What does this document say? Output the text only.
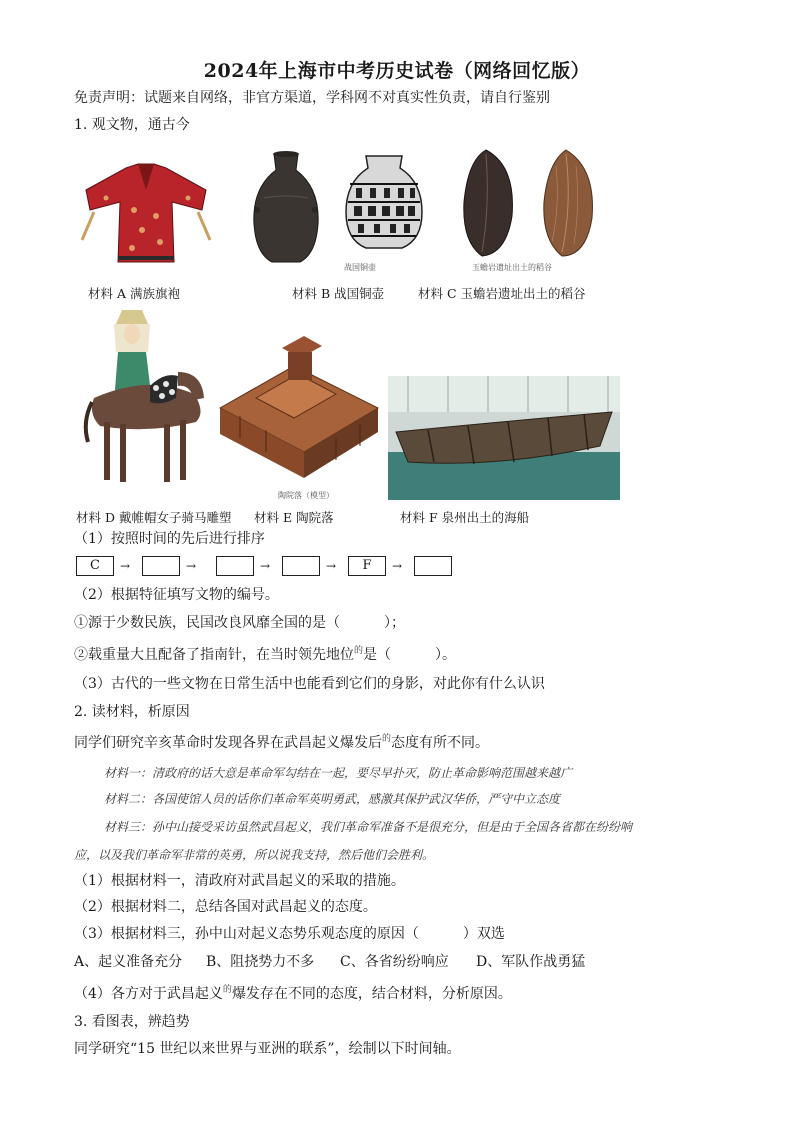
2024年上海市中考历史试卷（网络回忆版）
免责声明：试题来自网络，非官方渠道，学科网不对真实性负责，请自行鉴别
1. 观文物，通古今
材料 A 满族旗袍
战国铜壶
材料 B 战国铜壶
玉蟾岩遗址出土的稻谷
材料 C 玉蟾岩遗址出土的稻谷
材料 D 戴帷帽女子骑马雕塑
陶院落（模型）
材料 E 陶院落	材料 F 泉州出土的海船
（1）按照时间的先后进行排序
C	→	→	→	→	F	→
（2）根据特征填写文物的编号。
①源于少数民族，民国改良风靡全国的是（	）；
②载重量大且配备了指南针，在当时领先地位$^的$是（	）。
（3）古代的一些文物在日常生活中也能看到它们的身影，对此你有什么认识
2. 读材料，析原因
同学们研究辛亥革命时发现各界在武昌起义爆发后$^的$态度有所不同。
材料一：清政府的话大意是革命军勾结在一起，要尽早扑灭，防止革命影响范围越来越广
材料二：各国使馆人员的话你们革命军英明勇武，感激其保护武汉华侨，严守中立态度
材料三：孙中山接受采访虽然武昌起义，我们革命军准备不是很充分，但是由于全国各省都在纷纷响
应，以及我们革命军非常的英勇，所以说我支持，然后他们会胜利。
（1）根据材料一，清政府对武昌起义的采取的措施。
（2）根据材料二，总结各国对武昌起义的态度。
（3）根据材料三，孙中山对起义态势乐观态度的原因（	）双选
A、起义准备充分 B、阻挠势力不多 C、各省纷纷响应 D、军队作战勇猛
（4）各方对于武昌起义$^的$爆发存在不同的态度，结合材料，分析原因。
3. 看图表，辨趋势
同学研究“15 世纪以来世界与亚洲的联系”，绘制以下时间轴。
